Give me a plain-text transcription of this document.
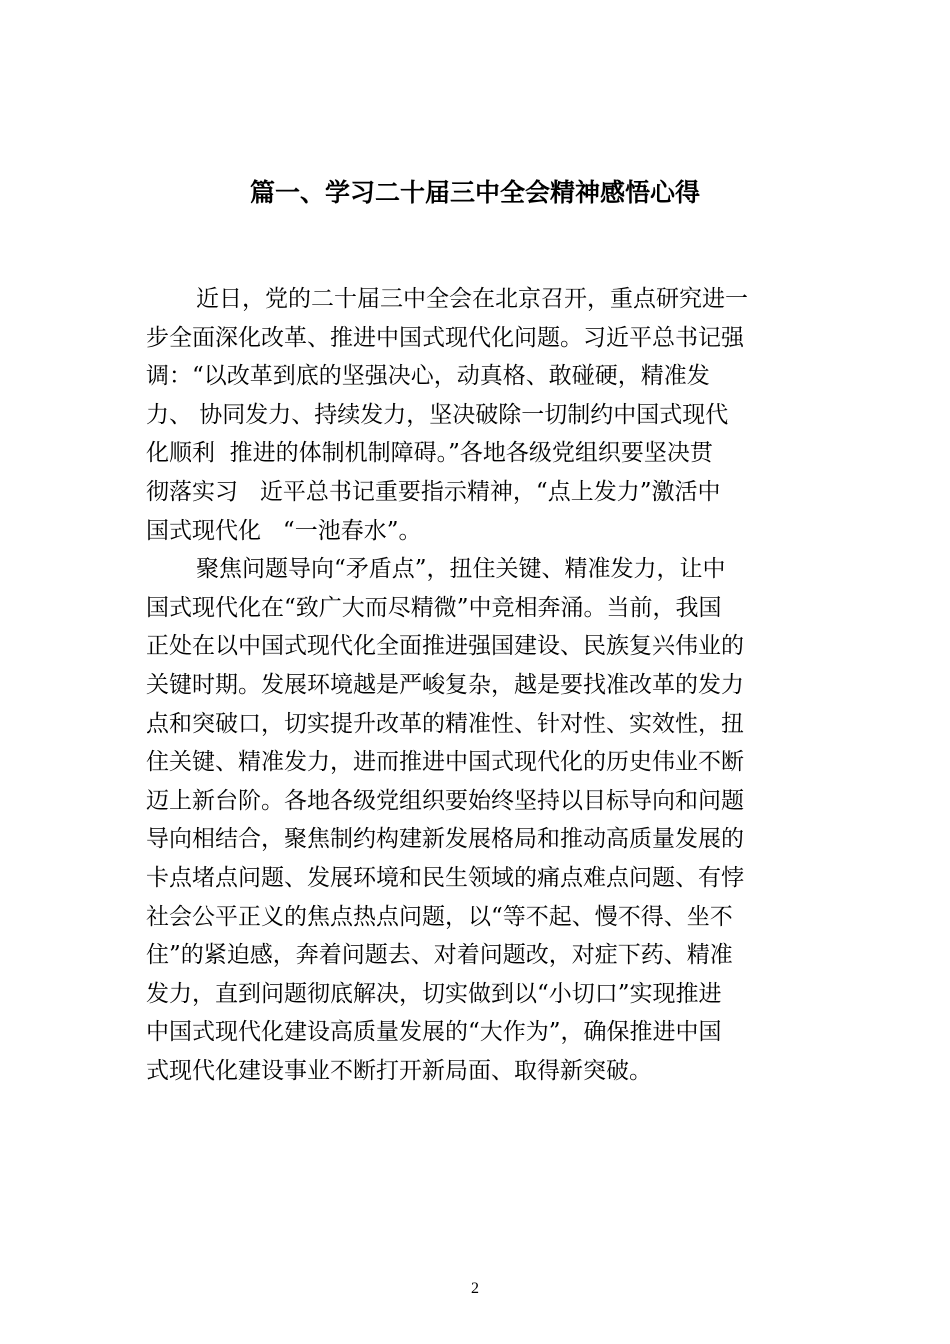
篇一、学习二十届三中全会精神感悟心得
近日，党的二十届三中全会在北京召开，重点研究进一
步全面深化改革、推进中国式现代化问题。习近平总书记强
调：“以改革到底的坚强决心，动真格、敢碰硬，精准发
力、 协同发力、持续发力，坚决破除一切制约中国式现代
化顺利  推进的体制机制障碍。”各地各级党组织要坚决贯
彻落实习   近平总书记重要指示精神，“点上发力”激活中
国式现代化   “一池春水”。
聚焦问题导向“矛盾点”，扭住关键、精准发力，让中
国式现代化在“致广大而尽精微”中竞相奔涌。当前，我国
正处在以中国式现代化全面推进强国建设、民族复兴伟业的
关键时期。发展环境越是严峻复杂，越是要找准改革的发力
点和突破口，切实提升改革的精准性、针对性、实效性，扭
住关键、精准发力，进而推进中国式现代化的历史伟业不断
迈上新台阶。各地各级党组织要始终坚持以目标导向和问题
导向相结合，聚焦制约构建新发展格局和推动高质量发展的
卡点堵点问题、发展环境和民生领域的痛点难点问题、有悖
社会公平正义的焦点热点问题，以“等不起、慢不得、坐不
住”的紧迫感，奔着问题去、对着问题改，对症下药、精准
发力，直到问题彻底解决，切实做到以“小切口”实现推进
中国式现代化建设高质量发展的“大作为”，确保推进中国
式现代化建设事业不断打开新局面、取得新突破。
2
